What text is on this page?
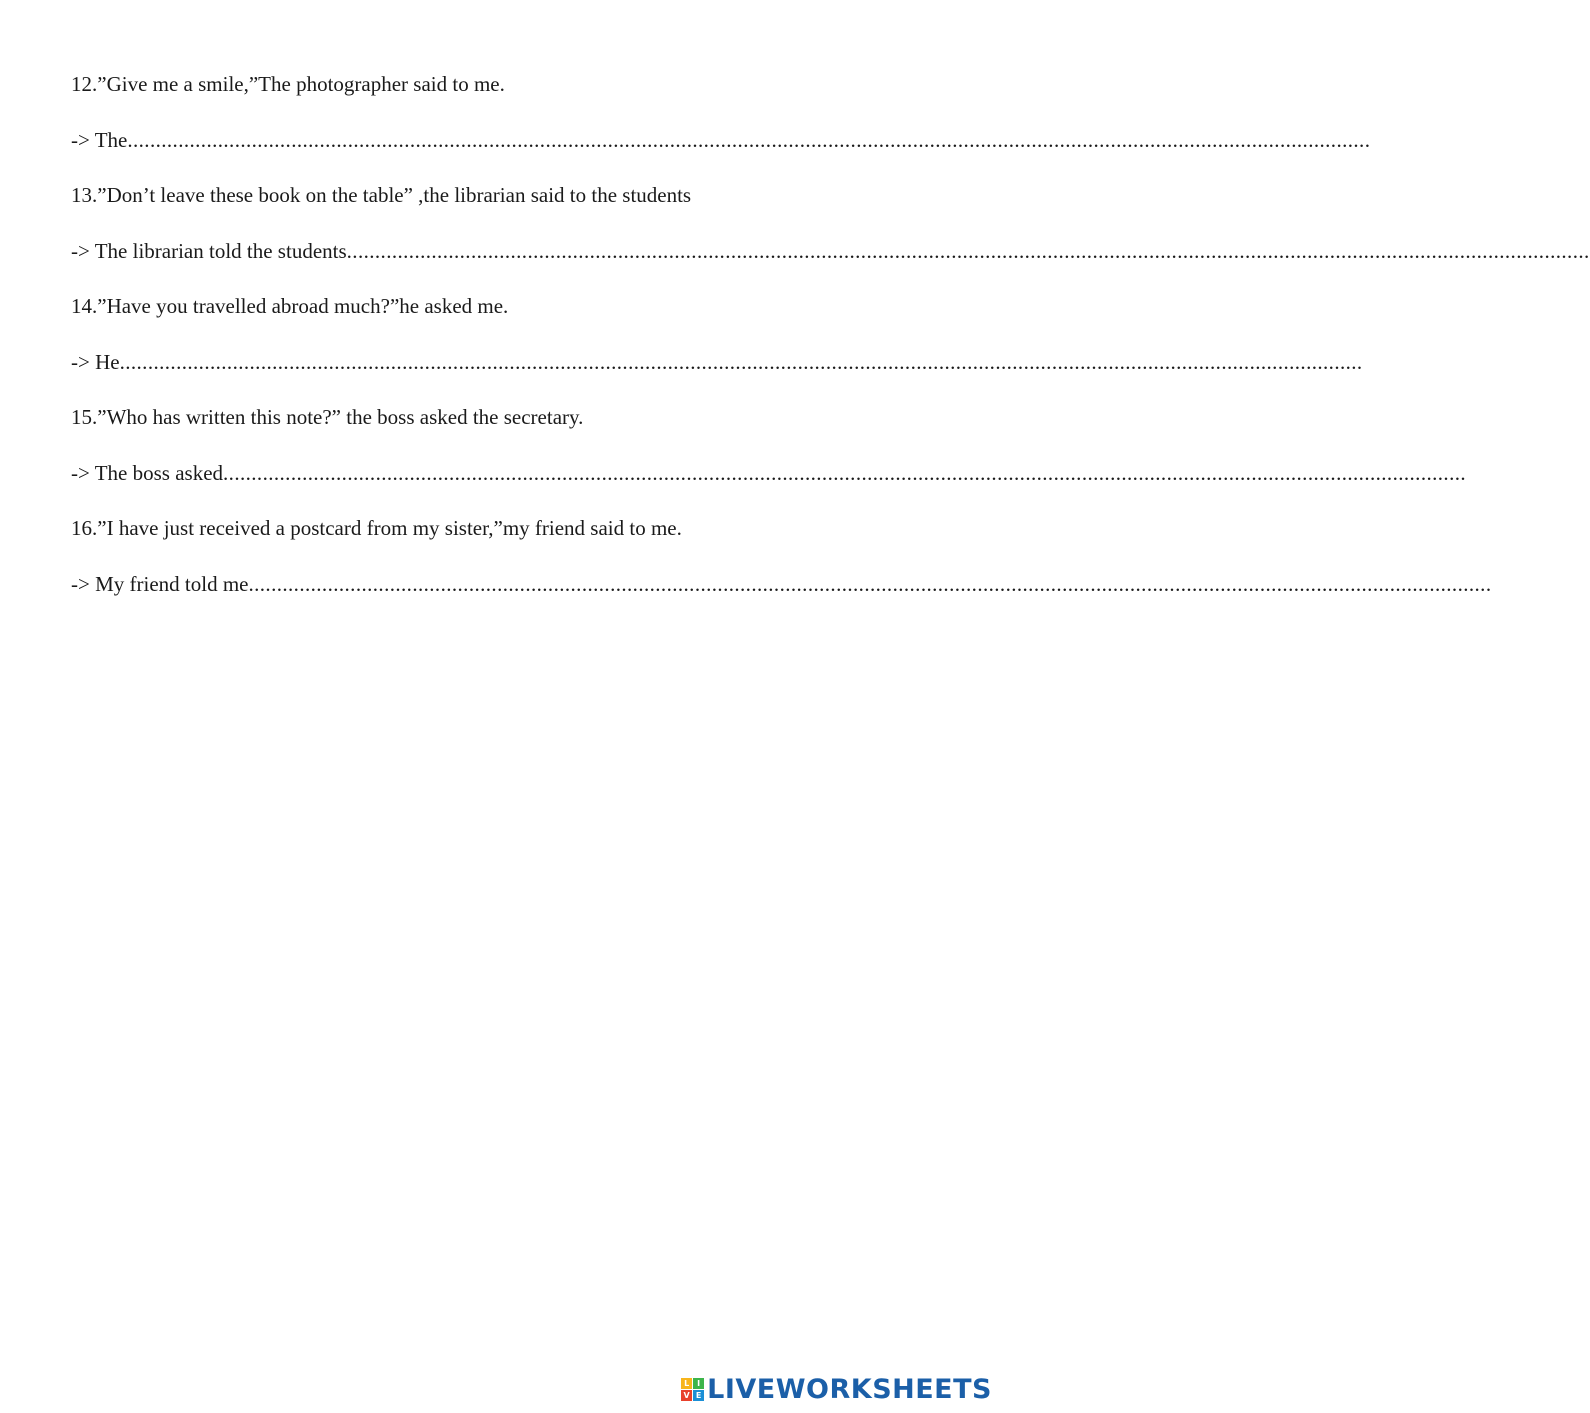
12.”Give me a smile,”The photographer said to me.
-> The ............................................................................................................................................................................................................................
13.”Don’t leave these book on the table” ,the librarian said to the students
-> The librarian told the students ............................................................................................................................................................................................................................
14.”Have you travelled abroad much?”he asked me.
-> He ............................................................................................................................................................................................................................
15.”Who has written this note?” the boss asked the secretary.
-> The boss asked ............................................................................................................................................................................................................................
16.”I have just received a postcard from my sister,”my friend said to me.
-> My friend told me ............................................................................................................................................................................................................................
L I
V E LIVEWORKSHEETS
